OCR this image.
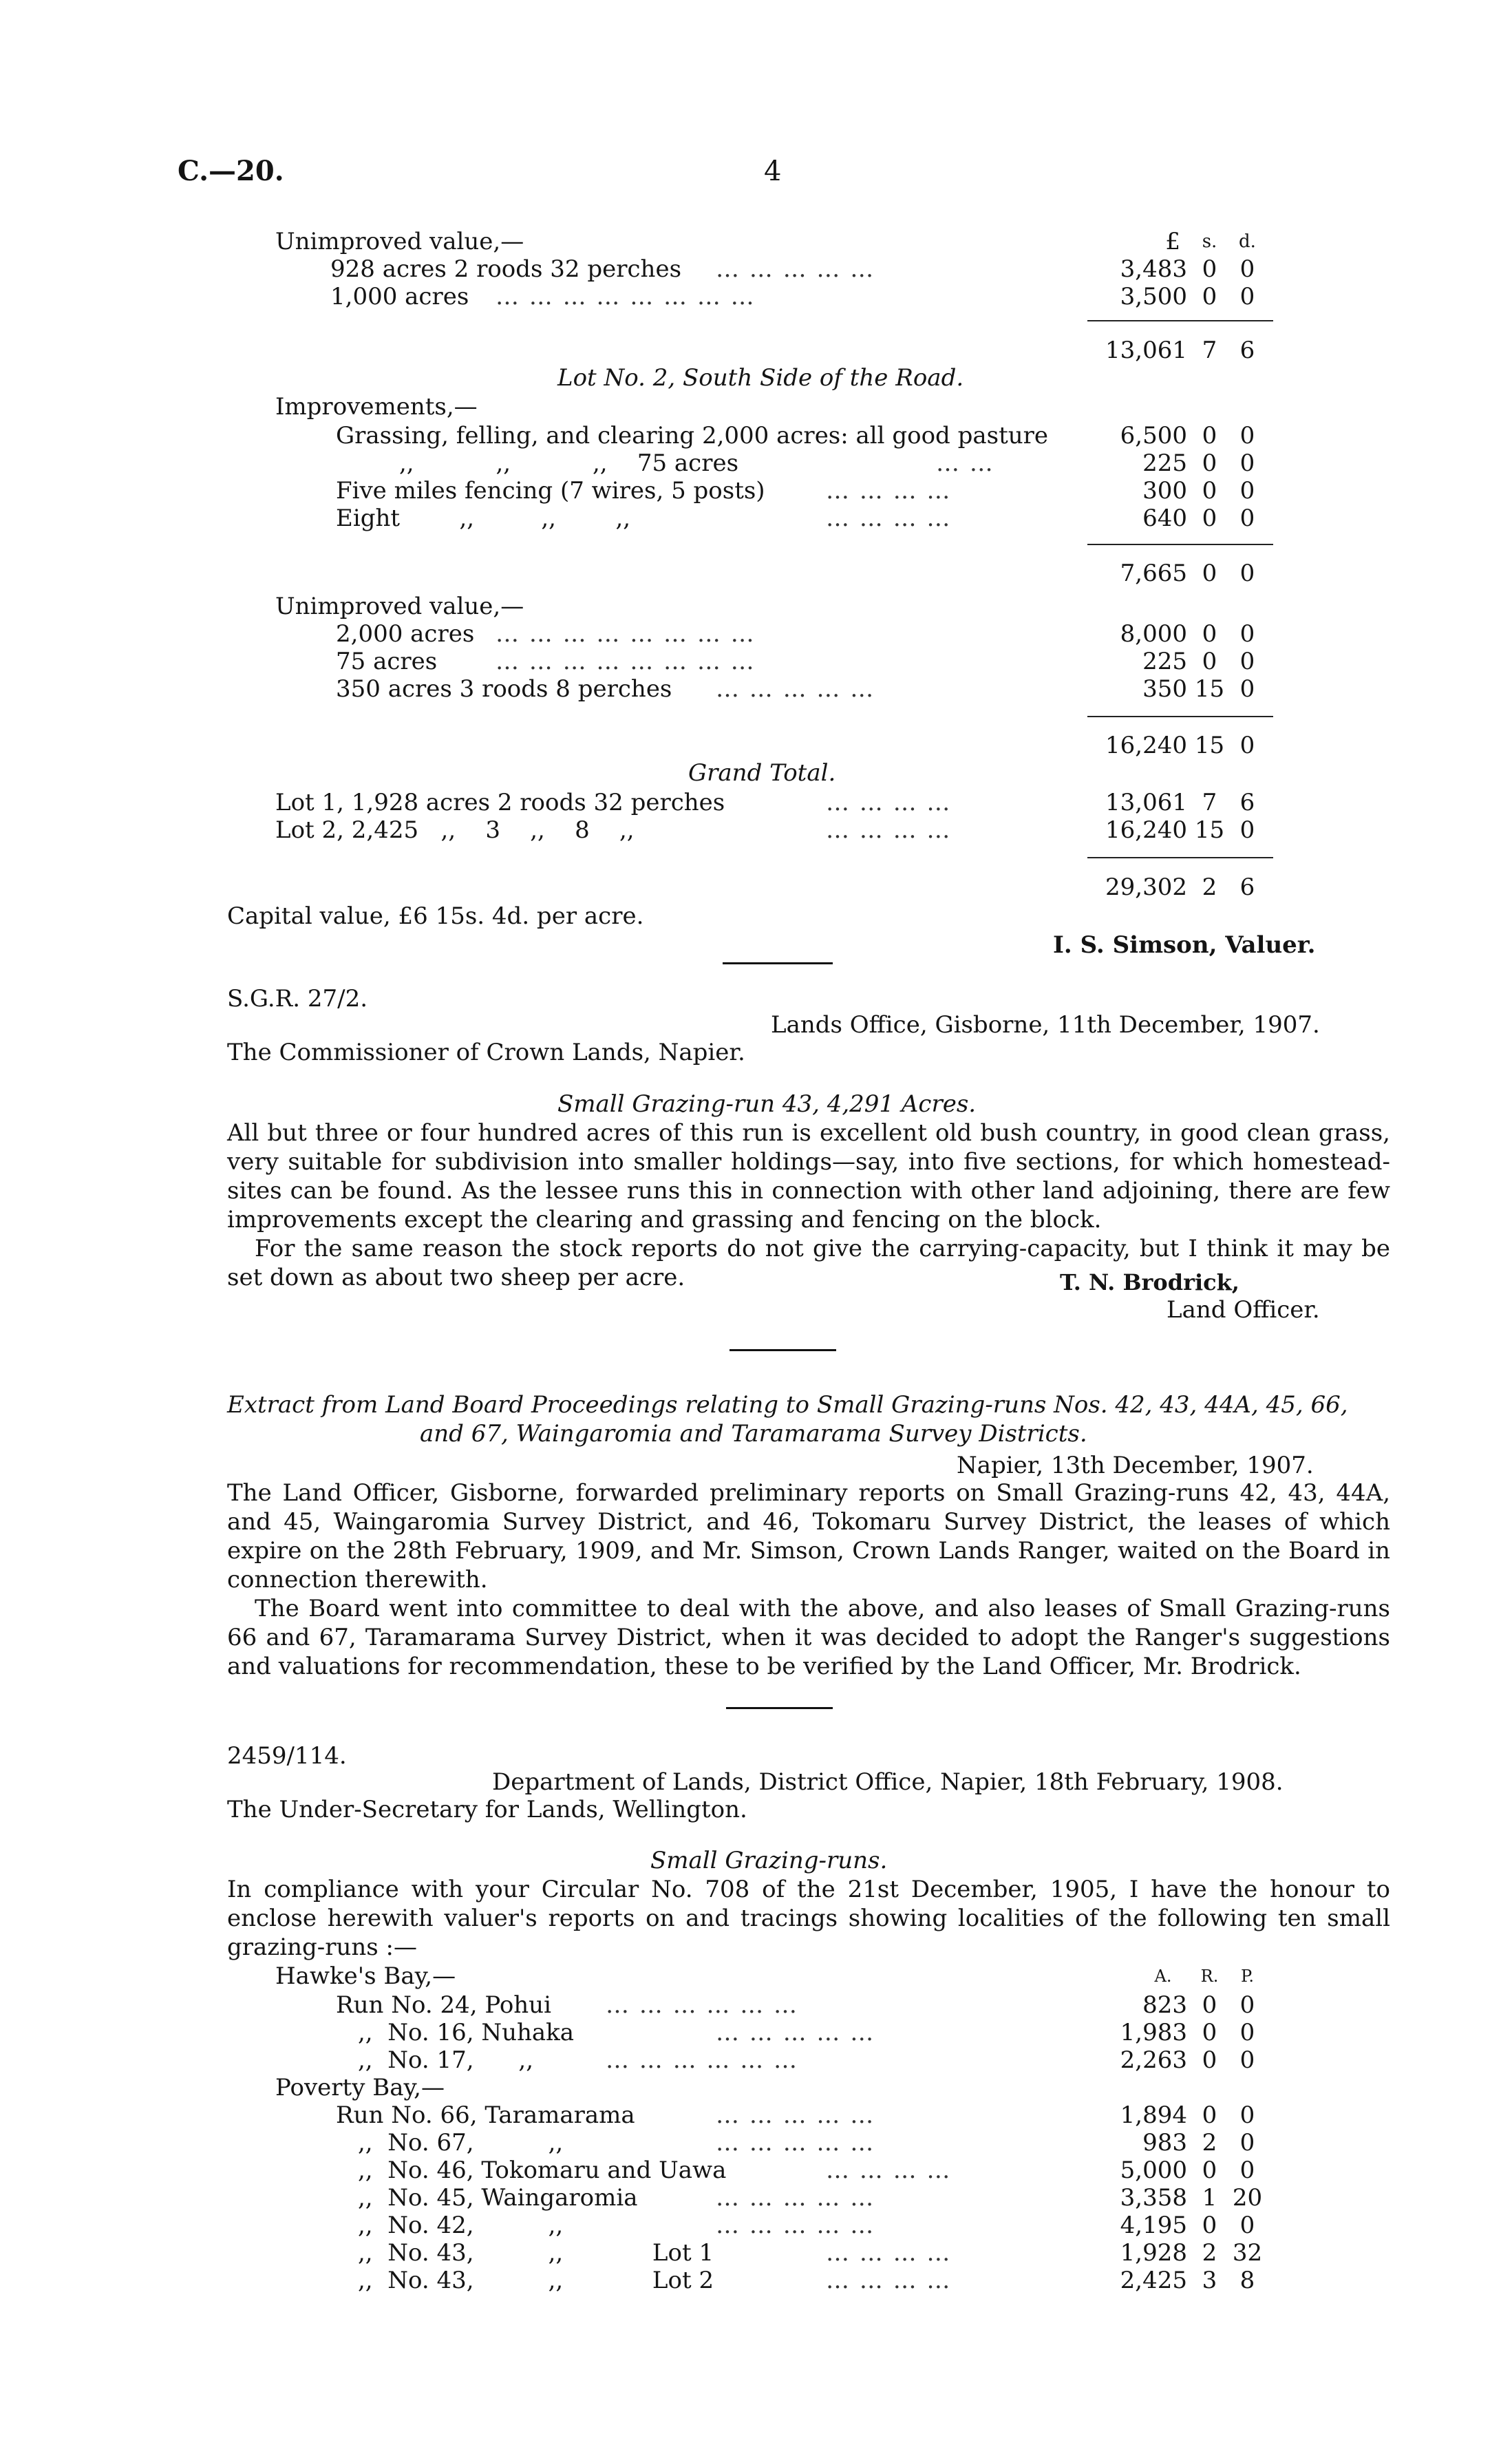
C.—20.	4
£	s.	d.
Unimproved value,—
928 acres 2 roods 32 perches … … … … …	3,483 0 0
1,000 acres … … … … … … … …	3,500 0 0
13,061 7 6
Lot No. 2, South Side of the Road.
Improvements,—
Grassing, felling, and clearing 2,000 acres: all good pasture	6,500 0 0
,,           ,,           ,,    75 acres	… …	225 0 0
Five miles fencing (7 wires, 5 posts)	… … … …	300 0 0
Eight        ,,         ,,        ,,	… … … …	640 0 0
7,665 0 0
Unimproved value,—
2,000 acres … … … … … … … …	8,000 0 0
75 acres … … … … … … … …	225 0 0
350 acres 3 roods 8 perches … … … … …	350 15 0
16,240 15 0
Grand Total.
Lot 1, 1,928 acres 2 roods 32 perches	… … … …	13,061 7 6
Lot 2, 2,425   ,,    3    ,,    8    ,,	… … … …	16,240 15 0
29,302 2 6
Capital value, £6 15s. 4d. per acre.
I. S. Simson, Valuer.
S.G.R. 27/2.
Lands Office, Gisborne, 11th December, 1907.
The Commissioner of Crown Lands, Napier.
Small Grazing-run 43, 4,291 Acres.

All but three or four hundred acres of this run is excellent old bush country, in good clean grass, very suitable for subdivision into smaller holdings—say, into five sections, for which homestead-sites can be found. As the lessee runs this in connection with other land adjoining, there are few improvements except the clearing and grassing and fencing on the block.

For the same reason the stock reports do not give the carrying-capacity, but I think it may be set down as about two sheep per acre.	T. N. Brodrick,
Land Officer.
Extract from Land Board Proceedings relating to Small Grazing-runs Nos. 42, 43, 44A, 45, 66,
and 67, Waingaromia and Taramarama Survey Districts.
Napier, 13th December, 1907.

The Land Officer, Gisborne, forwarded preliminary reports on Small Grazing-runs 42, 43, 44A, and 45, Waingaromia Survey District, and 46, Tokomaru Survey District, the leases of which expire on the 28th February, 1909, and Mr. Simson, Crown Lands Ranger, waited on the Board in connection therewith.

The Board went into committee to deal with the above, and also leases of Small Grazing-runs 66 and 67, Taramarama Survey District, when it was decided to adopt the Ranger's suggestions and valuations for recommendation, these to be verified by the Land Officer, Mr. Brodrick.

2459/114.
Department of Lands, District Office, Napier, 18th February, 1908.
The Under-Secretary for Lands, Wellington.
Small Grazing-runs.

In compliance with your Circular No. 708 of the 21st December, 1905, I have the honour to enclose herewith valuer's reports on and tracings showing localities of the following ten small grazing-runs :—

Hawke's Bay,—	A.	R.	P.
Run No. 24, Pohui … … … … … …	823 0 0
,,  No. 16, Nuhaka	… … … … …	1,983 0 0
,,  No. 17,      ,,	… … … … … …	2,263 0 0
Poverty Bay,—
Run No. 66, Taramarama	… … … … …	1,894 0 0
,,  No. 67,          ,,	… … … … …	983 2 0
,,  No. 46, Tokomaru and Uawa	… … … …	5,000 0 0
,,  No. 45, Waingaromia	… … … … …	3,358 1 20
,,  No. 42,          ,,	… … … … …	4,195 0 0
,,  No. 43,          ,,            Lot 1	… … … …	1,928 2 32
,,  No. 43,          ,,            Lot 2	… … … …	2,425 3 8
